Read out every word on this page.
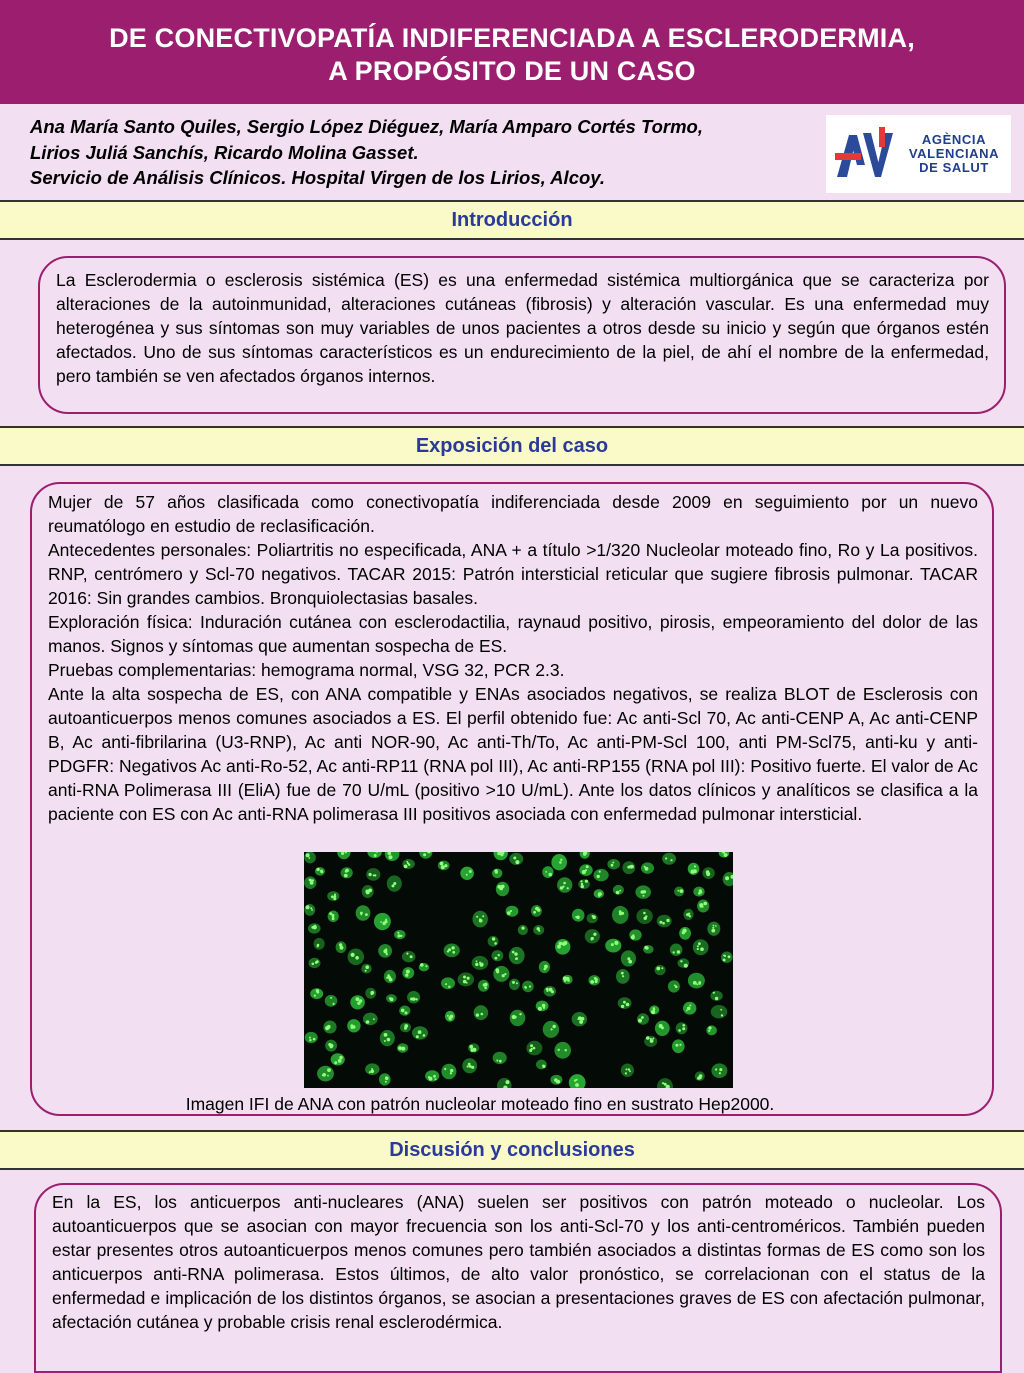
DE CONECTIVOPATÍA INDIFERENCIADA A ESCLERODERMIA,
A PROPÓSITO DE UN CASO
Ana María Santo Quiles, Sergio López Diéguez, María Amparo Cortés Tormo,
Lirios Juliá Sanchís, Ricardo Molina Gasset.
Servicio de Análisis Clínicos. Hospital Virgen de los Lirios, Alcoy.
AGÈNCIA
VALENCIANA
DE SALUT
Introducción

La Esclerodermia o esclerosis sistémica (ES) es una enfermedad sistémica multiorgánica que se caracteriza por alteraciones de la autoinmunidad, alteraciones cutáneas (fibrosis) y alteración vascular. Es una enfermedad muy heterogénea y sus síntomas son muy variables de unos pacientes a otros desde su inicio y según que órganos estén afectados. Uno de sus síntomas característicos es un endurecimiento de la piel, de ahí el nombre de la enfermedad, pero también se ven afectados órganos internos.

Exposición del caso

Mujer de 57 años clasificada como conectivopatía indiferenciada desde 2009 en seguimiento por un nuevo reumatólogo en estudio de reclasificación.

Antecedentes personales: Poliartritis no especificada, ANA + a título >1/320 Nucleolar moteado fino, Ro y La positivos. RNP, centrómero y Scl-70 negativos. TACAR 2015: Patrón intersticial reticular que sugiere fibrosis pulmonar. TACAR 2016: Sin grandes cambios. Bronquiolectasias basales.

Exploración física: Induración cutánea con esclerodactilia, raynaud positivo, pirosis, empeoramiento del dolor de las manos. Signos y síntomas que aumentan sospecha de ES.

Pruebas complementarias: hemograma normal, VSG 32, PCR 2.3.

Ante la alta sospecha de ES, con ANA compatible y ENAs asociados negativos, se realiza BLOT de Esclerosis con autoanticuerpos menos comunes asociados a ES. El perfil obtenido fue: Ac anti-Scl 70, Ac anti-CENP A, Ac anti-CENP B, Ac anti-fibrilarina (U3-RNP), Ac anti NOR-90, Ac anti-Th/To, Ac anti-PM-Scl 100, anti PM-Scl75, anti-ku y anti-PDGFR: Negativos Ac anti-Ro-52, Ac anti-RP11 (RNA pol III), Ac anti-RP155 (RNA pol III): Positivo fuerte. El valor de Ac anti-RNA Polimerasa III (EliA) fue de 70 U/mL (positivo >10 U/mL). Ante los datos clínicos y analíticos se clasifica a la paciente con ES con Ac anti-RNA polimerasa III positivos asociada con enfermedad pulmonar intersticial.

Imagen IFI de ANA con patrón nucleolar moteado fino en sustrato Hep2000.

Discusión y conclusiones

En la ES, los anticuerpos anti-nucleares (ANA) suelen ser positivos con patrón moteado o nucleolar. Los autoanticuerpos que se asocian con mayor frecuencia son los anti-Scl-70 y los anti-centroméricos. También pueden estar presentes otros autoanticuerpos menos comunes pero también asociados a distintas formas de ES como son los anticuerpos anti-RNA polimerasa. Estos últimos, de alto valor pronóstico, se correlacionan con el status de la enfermedad e implicación de los distintos órganos, se asocian a presentaciones graves de ES con afectación pulmonar, afectación cutánea y probable crisis renal esclerodérmica.
